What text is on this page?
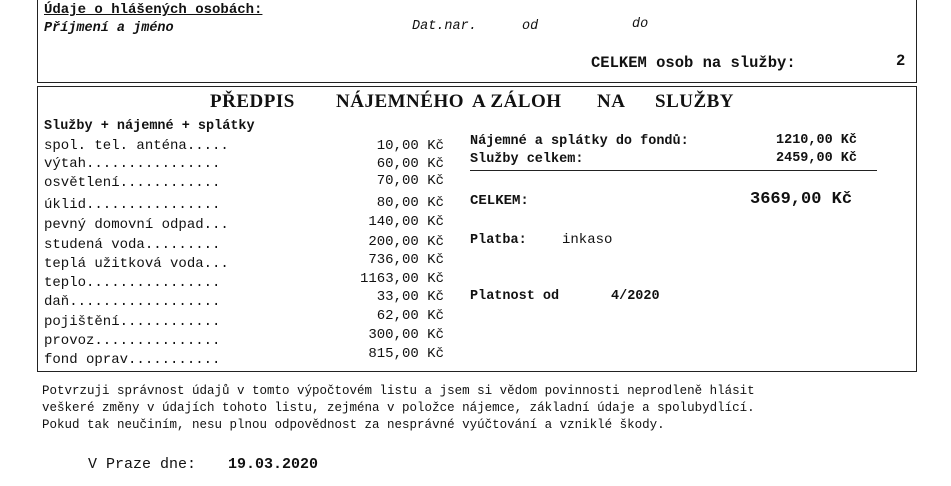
Údaje o hlášených osobách:
Příjmení a jméno	Dat.nar.	od	do
CELKEM osob na služby:	2
PŘEDPIS NÁJEMNÉHO A ZÁLOH NA SLUŽBY
Služby + nájemné + splátky
spol. tel. anténa.....	10,00 Kč
výtah................	60,00 Kč
osvětlení............	70,00 Kč
úklid................	80,00 Kč
pevný domovní odpad...	140,00 Kč
studená voda.........	200,00 Kč
teplá užitková voda...	736,00 Kč
teplo................	1163,00 Kč
daň..................	33,00 Kč
pojištění............	62,00 Kč
provoz...............	300,00 Kč
fond oprav...........	815,00 Kč
Nájemné a splátky do fondů:	1210,00 Kč
Služby celkem:	2459,00 Kč
CELKEM:	3669,00 Kč
Platba:	inkaso
Platnost od	4/2020
Potvrzuji správnost údajů v tomto výpočtovém listu a jsem si vědom povinnosti neprodleně hlásit
veškeré změny v údajích tohoto listu, zejména v položce nájemce, základní údaje a spolubydlící.
Pokud tak neučiním, nesu plnou odpovědnost za nesprávné vyúčtování a vzniklé škody.
V Praze dne: 19.03.2020
